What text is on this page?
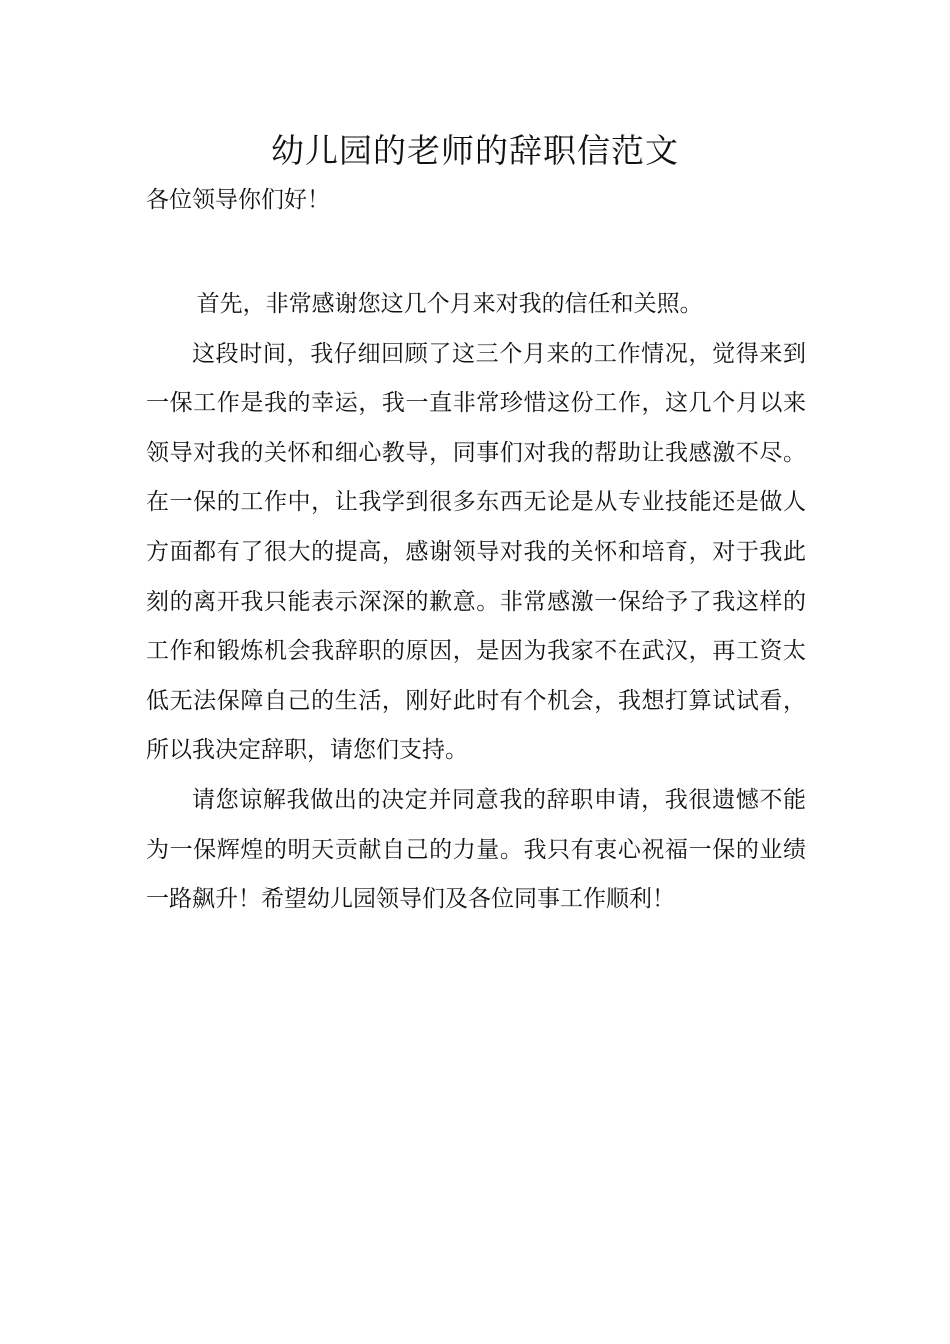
幼儿园的老师的辞职信范文

各位领导你们好！

首先，非常感谢您这几个月来对我的信任和关照。

这段时间，我仔细回顾了这三个月来的工作情况，觉得来到一保工作是我的幸运，我一直非常珍惜这份工作，这几个月以来领导对我的关怀和细心教导，同事们对我的帮助让我感激不尽。在一保的工作中，让我学到很多东西无论是从专业技能还是做人方面都有了很大的提高，感谢领导对我的关怀和培育，对于我此刻的离开我只能表示深深的歉意。非常感激一保给予了我这样的工作和锻炼机会我辞职的原因，是因为我家不在武汉，再工资太低无法保障自己的生活，刚好此时有个机会，我想打算试试看，所以我决定辞职，请您们支持。

请您谅解我做出的决定并同意我的辞职申请，我很遗憾不能为一保辉煌的明天贡献自己的力量。我只有衷心祝福一保的业绩一路飙升！希望幼儿园领导们及各位同事工作顺利！
